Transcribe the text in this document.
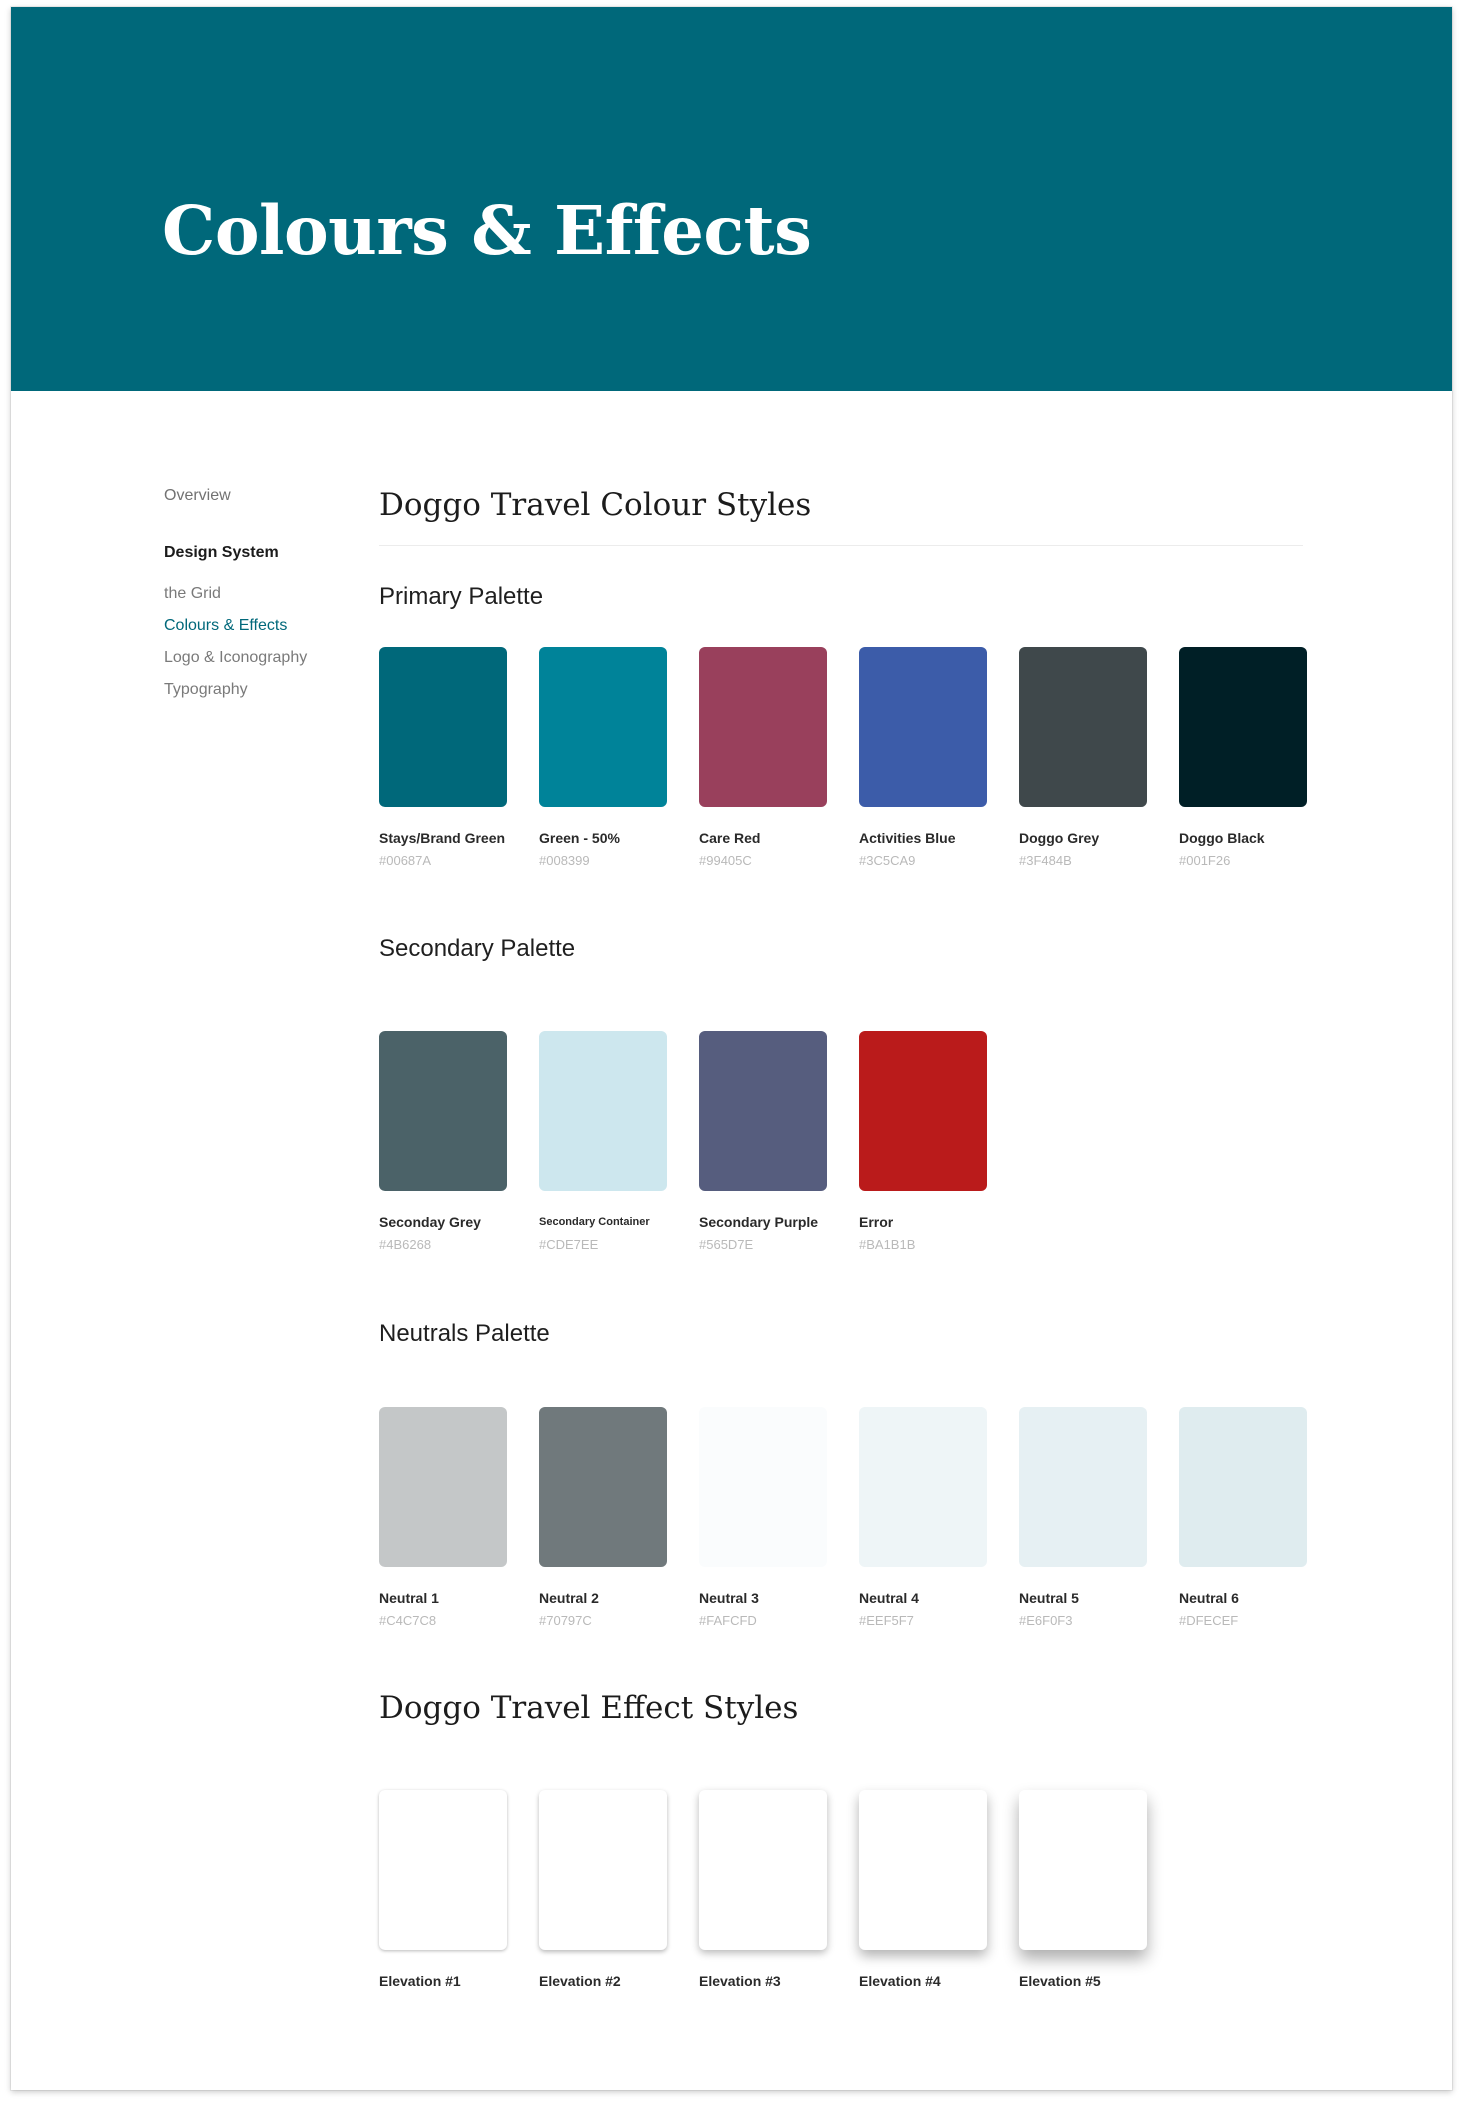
Colours & Effects
Overview
Design System
the Grid
Colours & Effects
Logo & Iconography
Typography
Doggo Travel Colour Styles
Primary Palette
Stays/Brand Green
#00687A
Green - 50%
#008399
Care Red
#99405C
Activities Blue
#3C5CA9
Doggo Grey
#3F484B
Doggo Black
#001F26
Secondary Palette
Seconday Grey
#4B6268
Secondary Container
#CDE7EE
Secondary Purple
#565D7E
Error
#BA1B1B
Neutrals Palette
Neutral 1
#C4C7C8
Neutral 2
#70797C
Neutral 3
#FAFCFD
Neutral 4
#EEF5F7
Neutral 5
#E6F0F3
Neutral 6
#DFECEF
Doggo Travel Effect Styles
Elevation #1	Elevation #2	Elevation #3	Elevation #4	Elevation #5
